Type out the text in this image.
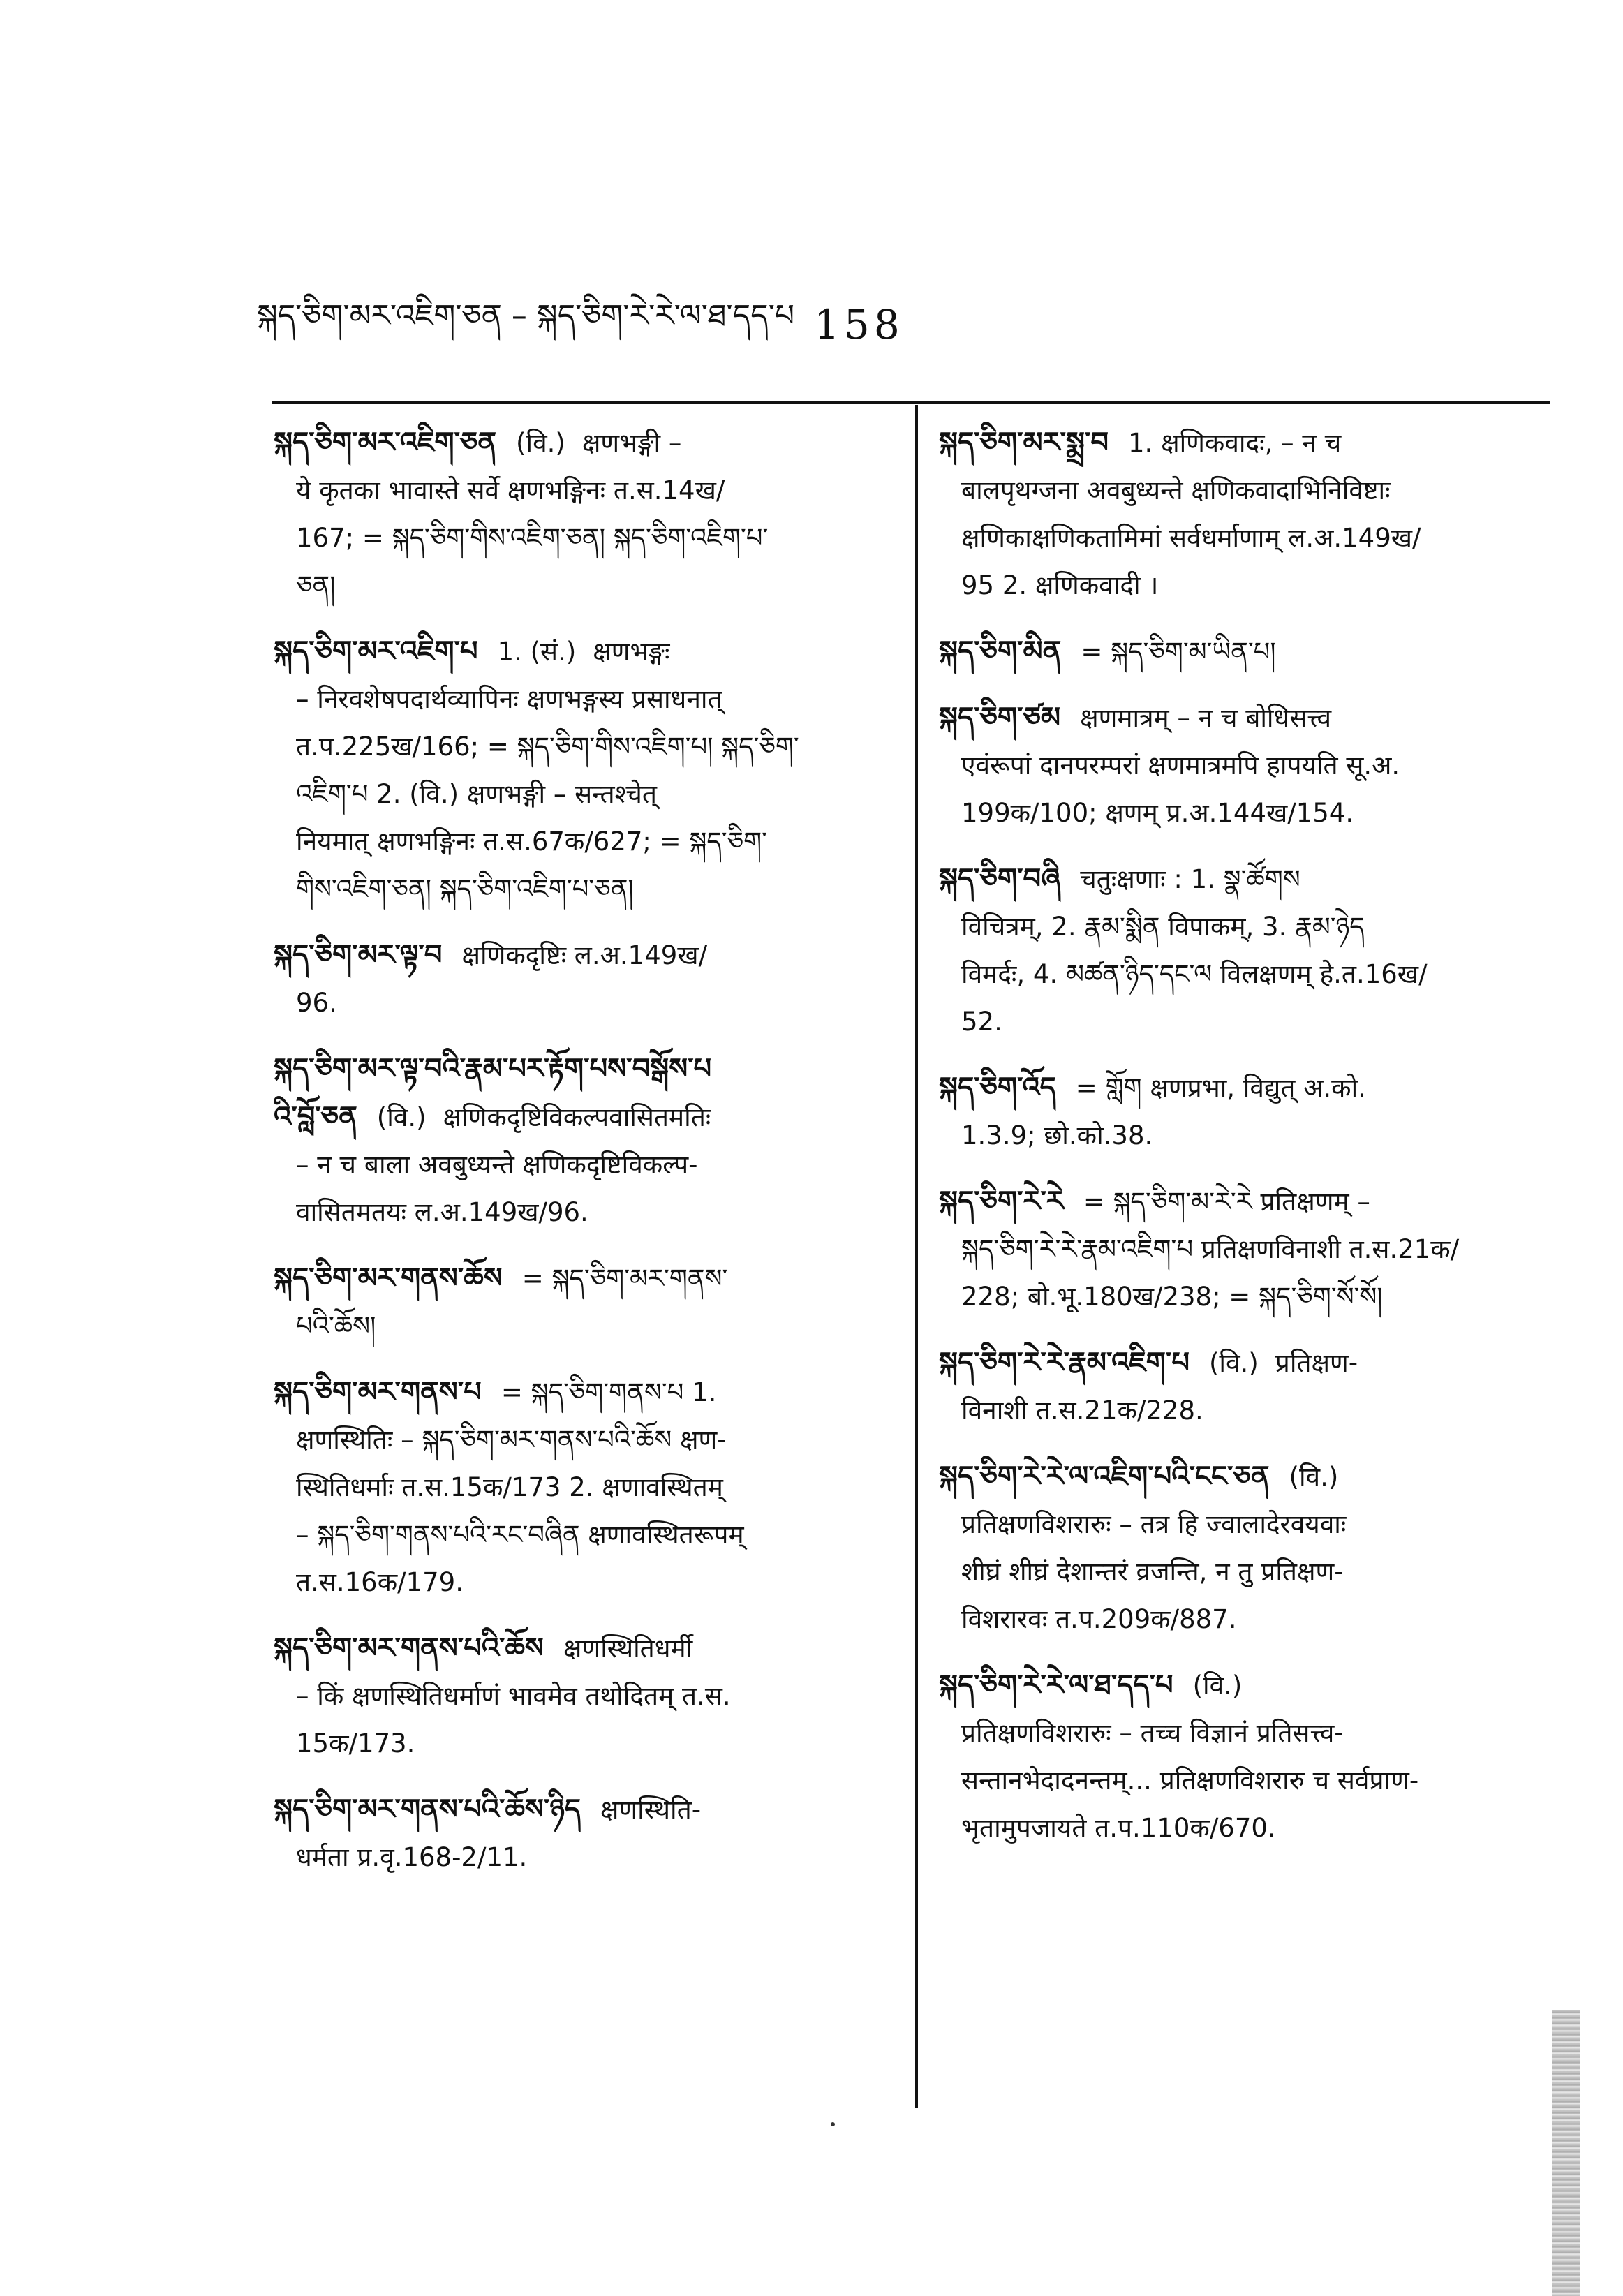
སྐད་ཅིག་མར་འཇིག་ཅན – སྐད་ཅིག་རེ་རེ་ལ་ཐ་དད་པ 158
སྐད་ཅིག་མར་འཇིག་ཅན (वि.) क्षणभङ्गी –
ये कृतका भावास्ते सर्वे क्षणभङ्गिनः त.स.14ख/
167; = སྐད་ཅིག་གིས་འཇིག་ཅན། སྐད་ཅིག་འཇིག་པ་
ཅན།
སྐད་ཅིག་མར་འཇིག་པ 1. (सं.) क्षणभङ्गः
– निरवशेषपदार्थव्यापिनः क्षणभङ्गस्य प्रसाधनात्
त.प.225ख/166; = སྐད་ཅིག་གིས་འཇིག་པ། སྐད་ཅིག་
འཇིག་པ 2. (वि.) क्षणभङ्गी – सन्तश्चेत्
नियमात् क्षणभङ्गिनः त.स.67क/627; = སྐད་ཅིག་
གིས་འཇིག་ཅན། སྐད་ཅིག་འཇིག་པ་ཅན།
སྐད་ཅིག་མར་ལྟ་བ क्षणिकदृष्टिः ल.अ.149ख/
96.
སྐད་ཅིག་མར་ལྟ་བའི་རྣམ་པར་རྟོག་པས་བསྒོས་པ
འི་བློ་ཅན (वि.) क्षणिकदृष्टिविकल्पवासितमतिः
– न च बाला अवबुध्यन्ते क्षणिकदृष्टिविकल्प-
वासितमतयः ल.अ.149ख/96.
སྐད་ཅིག་མར་གནས་ཆོས = སྐད་ཅིག་མར་གནས་
པའི་ཆོས།
སྐད་ཅིག་མར་གནས་པ = སྐད་ཅིག་གནས་པ 1.
क्षणस्थितिः – སྐད་ཅིག་མར་གནས་པའི་ཆོས क्षण-
स्थितिधर्माः त.स.15क/173 2. क्षणावस्थितम्
– སྐད་ཅིག་གནས་པའི་རང་བཞིན क्षणावस्थितरूपम्
त.स.16क/179.
སྐད་ཅིག་མར་གནས་པའི་ཆོས क्षणस्थितिधर्मी
– किं क्षणस्थितिधर्माणं भावमेव तथोदितम् त.स.
15क/173.
སྐད་ཅིག་མར་གནས་པའི་ཆོས་ཉིད क्षणस्थिति-
धर्मता प्र.वृ.168-2/11.
སྐད་ཅིག་མར་སྨྲ་བ 1. क्षणिकवादः, – न च
बालपृथग्जना अवबुध्यन्ते क्षणिकवादाभिनिविष्टाः
क्षणिकाक्षणिकतामिमां सर्वधर्माणाम् ल.अ.149ख/
95 2. क्षणिकवादी ।
སྐད་ཅིག་མིན = སྐད་ཅིག་མ་ཡིན་པ།
སྐད་ཅིག་ཙམ क्षणमात्रम् – न च बोधिसत्त्व
एवंरूपां दानपरम्परां क्षणमात्रमपि हापयति सू.अ.
199क/100; क्षणम् प्र.अ.144ख/154.
སྐད་ཅིག་བཞི चतुःक्षणाः : 1. སྣ་ཚོགས
विचित्रम्, 2. རྣམ་སྨིན विपाकम्, 3. རྣམ་ཉེད
विमर्दः, 4. མཚན་ཉིད་དང་ལ विलक्षणम् हे.त.16ख/
52.
སྐད་ཅིག་འོད = གློག क्षणप्रभा, विद्युत् अ.को.
1.3.9; छो.को.38.
སྐད་ཅིག་རེ་རེ = སྐད་ཅིག་མ་རེ་རེ प्रतिक्षणम् –
སྐད་ཅིག་རེ་རེ་རྣམ་འཇིག་པ प्रतिक्षणविनाशी त.स.21क/
228; बो.भू.180ख/238; = སྐད་ཅིག་སོ་སོ།
སྐད་ཅིག་རེ་རེ་རྣམ་འཇིག་པ (वि.) प्रतिक्षण-
विनाशी त.स.21क/228.
སྐད་ཅིག་རེ་རེ་ལ་འཇིག་པའི་ངང་ཅན (वि.)
प्रतिक्षणविशरारुः – तत्र हि ज्वालादेरवयवाः
शीघ्रं शीघ्रं देशान्तरं व्रजन्ति, न तु प्रतिक्षण-
विशरारवः त.प.209क/887.
སྐད་ཅིག་རེ་རེ་ལ་ཐ་དད་པ (वि.)
प्रतिक्षणविशरारुः – तच्च विज्ञानं प्रतिसत्त्व-
सन्तानभेदादनन्तम्... प्रतिक्षणविशरारु च सर्वप्राण-
भृतामुपजायते त.प.110क/670.
